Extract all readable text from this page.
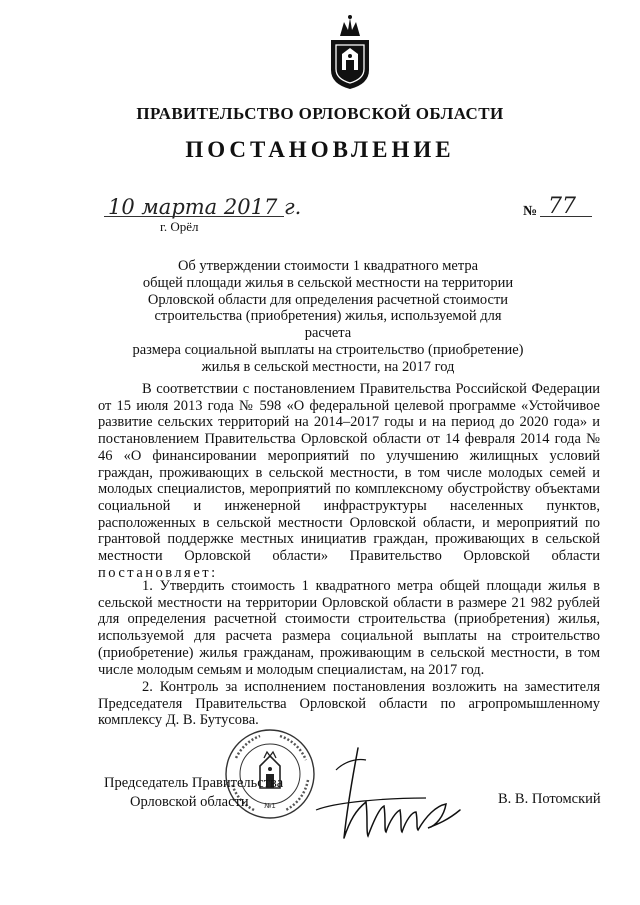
ПРАВИТЕЛЬСТВО ОРЛОВСКОЙ ОБЛАСТИ
ПОСТАНОВЛЕНИЕ
10 марта 2017 г.	№ 77
г. Орёл
Об утверждении стоимости 1 квадратного метра
общей площади жилья в сельской местности на территории
Орловской области для определения расчетной стоимости
строительства (приобретения) жилья, используемой для расчета
размера социальной выплаты на строительство (приобретение)
жилья в сельской местности, на 2017 год

В соответствии с постановлением Правительства Российской Федерации от 15 июля 2013 года № 598 «О федеральной целевой программе «Устойчивое развитие сельских территорий на 2014–2017 годы и на период до 2020 года» и постановлением Правительства Орловской области от 14 февраля 2014 года № 46 «О финансировании мероприятий по улучшению жилищных условий граждан, проживающих в сельской местности, в том числе молодых семей и молодых специалистов, мероприятий по комплексному обустройству объектами социальной и инженерной инфраструктуры населенных пунктов, расположенных в сельской местности Орловской области, и мероприятий по грантовой поддержке местных инициатив граждан, проживающих в сельской местности Орловской области» Правительство Орловской области постановляет:

1. Утвердить стоимость 1 квадратного метра общей площади жилья в сельской местности на территории Орловской области в размере 21 982 рублей для определения расчетной стоимости строительства (приобретения) жилья, используемой для расчета размера социальной выплаты на строительство (приобретение) жилья гражданам, проживающим в сельской местности, в том числе молодым семьям и молодым специалистам, на 2017 год.

2. Контроль за исполнением постановления возложить на заместителя Председателя Правительства Орловской области по агропромышленному комплексу Д. В. Бутусова.

№1
Председатель Правительства
Орловской области	В. В. Потомский
